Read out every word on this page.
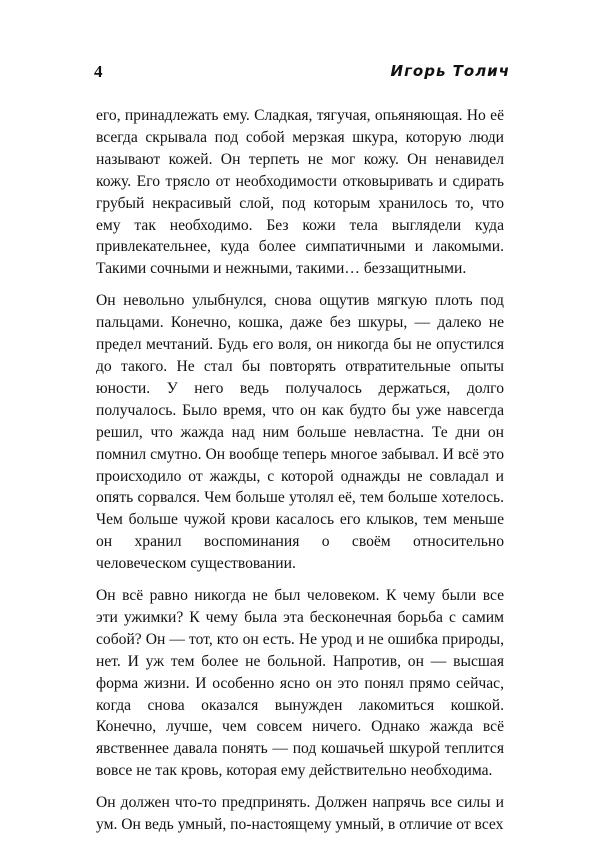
4	Игорь Толич

его, принадлежать ему. Сладкая, тягучая, опьяняющая. Но её всегда скрывала под собой мерзкая шкура, которую люди называют кожей. Он терпеть не мог кожу. Он ненавидел кожу. Его трясло от необходимости отковыривать и сдирать грубый некрасивый слой, под которым хранилось то, что ему так необходимо. Без кожи тела выглядели куда привлекательнее, куда более симпатичными и лакомыми. Такими сочными и нежными, такими… беззащитными.

Он невольно улыбнулся, снова ощутив мягкую плоть под пальцами. Конечно, кошка, даже без шкуры, — далеко не предел мечтаний. Будь его воля, он никогда бы не опустился до такого. Не стал бы повторять отвратительные опыты юности. У него ведь получалось держаться, долго получалось. Было время, что он как будто бы уже навсегда решил, что жажда над ним больше невластна. Те дни он помнил смутно. Он вообще теперь многое забывал. И всё это происходило от жажды, с которой однажды не совладал и опять сорвался. Чем больше утолял её, тем больше хотелось. Чем больше чужой крови касалось его клыков, тем меньше он хранил воспоминания о своём относительно человеческом существовании.

Он всё равно никогда не был человеком. К чему были все эти ужимки? К чему была эта бесконечная борьба с самим собой? Он — тот, кто он есть. Не урод и не ошибка природы, нет. И уж тем более не больной. Напротив, он — высшая форма жизни. И особенно ясно он это понял прямо сейчас, когда снова оказался вынужден лакомиться кошкой. Конечно, лучше, чем совсем ничего. Однако жажда всё явственнее давала понять — под кошачьей шкурой теплится вовсе не так кровь, которая ему действительно необходима.

Он должен что-то предпринять. Должен напрячь все силы и ум. Он ведь умный, по-настоящему умный, в отличие от всех
